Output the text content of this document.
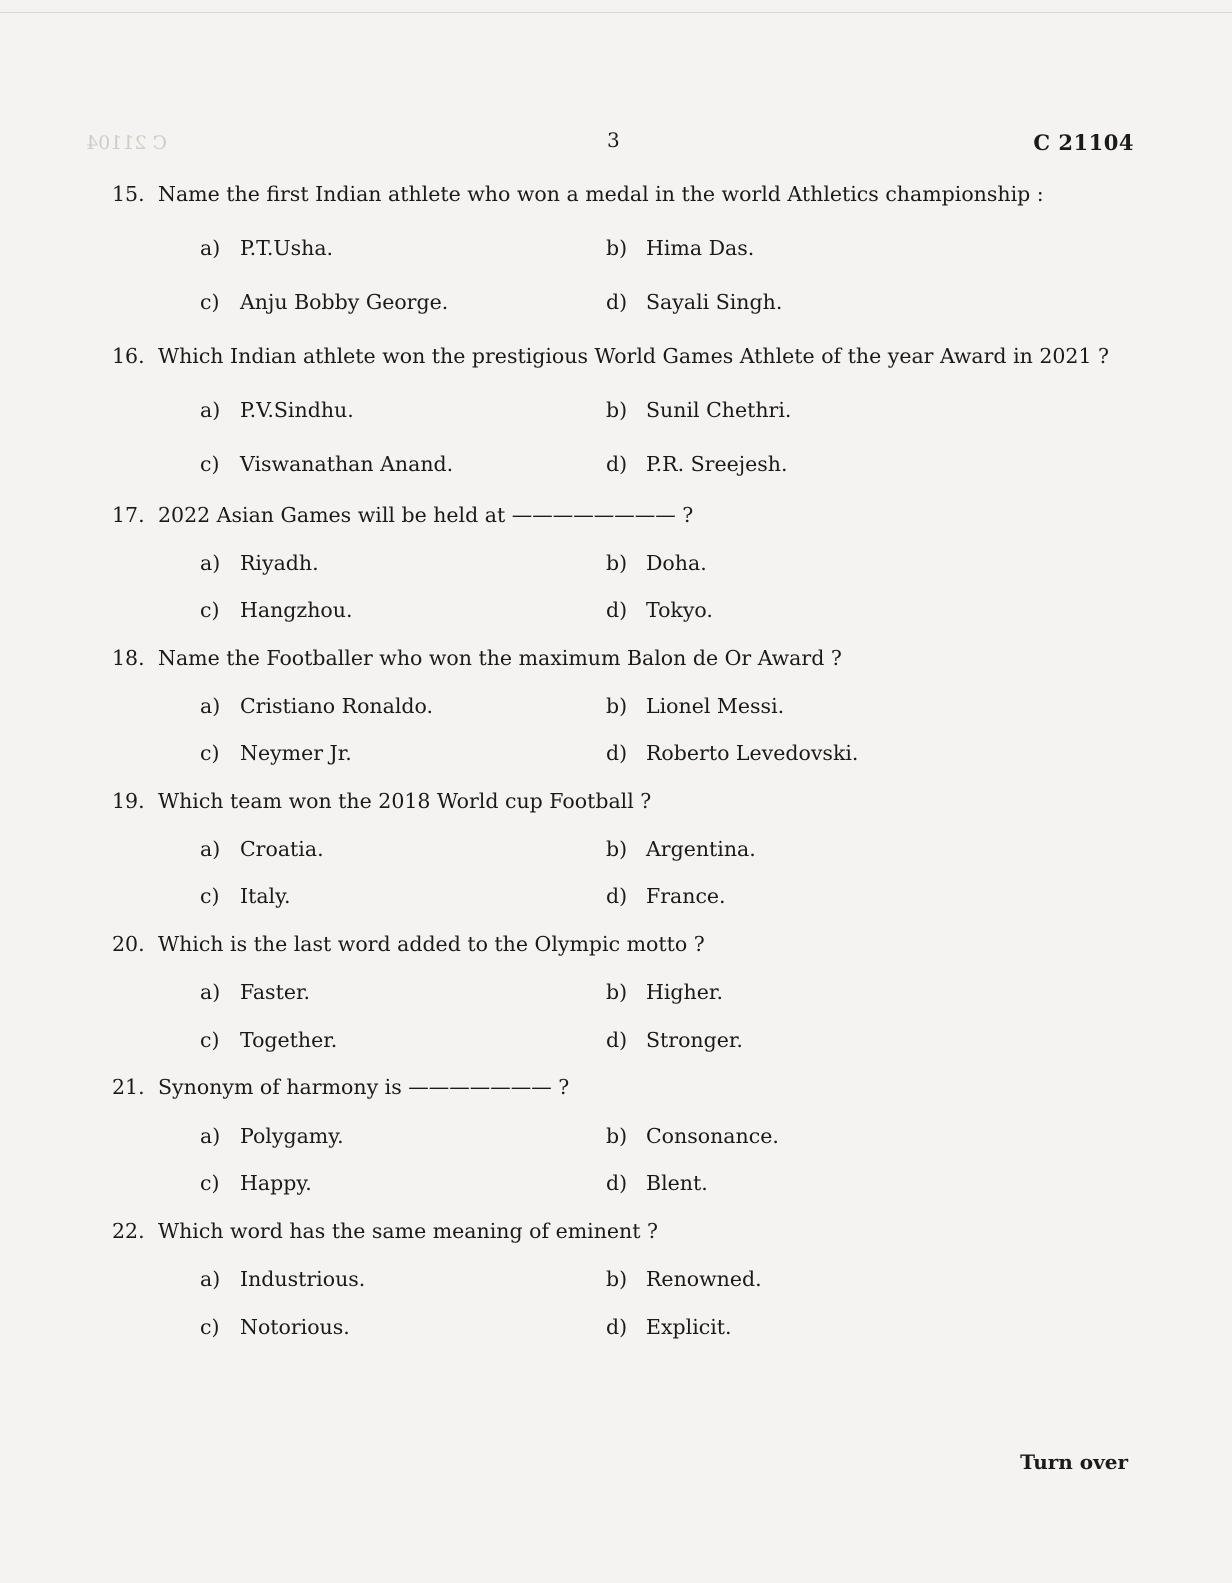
C 21104	3	C 21104
15. Name the first Indian athlete who won a medal in the world Athletics championship :
a) P.T.Usha.	b) Hima Das.
c) Anju Bobby George.	d) Sayali Singh.
16. Which Indian athlete won the prestigious World Games Athlete of the year Award in 2021 ?
a) P.V.Sindhu.	b) Sunil Chethri.
c) Viswanathan Anand.	d) P.R. Sreejesh.
17. 2022 Asian Games will be held at ———————— ?
a) Riyadh.	b) Doha.
c) Hangzhou.	d) Tokyo.
18. Name the Footballer who won the maximum Balon de Or Award ?
a) Cristiano Ronaldo.	b) Lionel Messi.
c) Neymer Jr.	d) Roberto Levedovski.
19. Which team won the 2018 World cup Football ?
a) Croatia.	b) Argentina.
c) Italy.	d) France.
20. Which is the last word added to the Olympic motto ?
a) Faster.	b) Higher.
c) Together.	d) Stronger.
21. Synonym of harmony is ——————— ?
a) Polygamy.	b) Consonance.
c) Happy.	d) Blent.
22. Which word has the same meaning of eminent ?
a) Industrious.	b) Renowned.
c) Notorious.	d) Explicit.
Turn over
